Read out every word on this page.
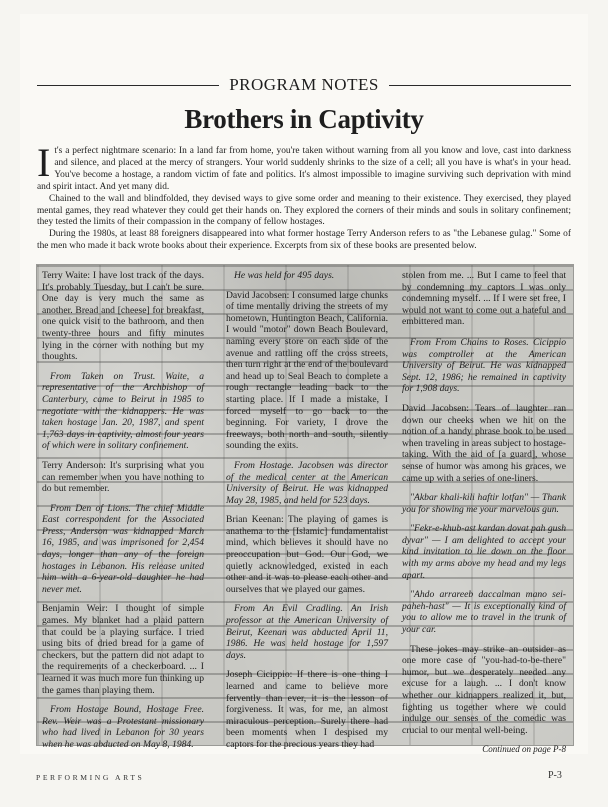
PROGRAM NOTES
Brothers in Captivity

It's a perfect nightmare scenario: In a land far from home, you're taken without warning from all you know and love, cast into darkness and silence, and placed at the mercy of strangers. Your world suddenly shrinks to the size of a cell; all you have is what's in your head. You've become a hostage, a random victim of fate and politics. It's almost impossible to imagine surviving such deprivation with mind and spirit intact. And yet many did.

Chained to the wall and blindfolded, they devised ways to give some order and meaning to their existence. They exercised, they played mental games, they read whatever they could get their hands on. They explored the corners of their minds and souls in solitary confinement; they tested the limits of their compassion in the company of fellow hostages.

During the 1980s, at least 88 foreigners disappeared into what former hostage Terry Anderson refers to as "the Lebanese gulag." Some of the men who made it back wrote books about their experience. Excerpts from six of these books are presented below.

Terry Waite: I have lost track of the days. It's probably Tuesday, but I can't be sure. One day is very much the same as another. Bread and [cheese] for breakfast, one quick visit to the bathroom, and then twenty-three hours and fifty minutes lying in the corner with nothing but my thoughts.

From Taken on Trust. Waite, a representative of the Archbishop of Canterbury, came to Beirut in 1985 to negotiate with the kidnappers. He was taken hostage Jan. 20, 1987, and spent 1,763 days in captivity, almost four years of which were in solitary confinement.

Terry Anderson: It's surprising what you can remember when you have nothing to do but remember.

From Den of Lions. The chief Middle East correspondent for the Associated Press, Anderson was kidnapped March 16, 1985, and was imprisoned for 2,454 days, longer than any of the foreign hostages in Lebanon. His release united him with a 6-year-old daughter he had never met.

Benjamin Weir: I thought of simple games. My blanket had a plaid pattern that could be a playing surface. I tried using bits of dried bread for a game of checkers, but the pattern did not adapt to the requirements of a checkerboard. ... I learned it was much more fun thinking up the games than playing them.

From Hostage Bound, Hostage Free. Rev. Weir was a Protestant missionary who had lived in Lebanon for 30 years when he was abducted on May 8, 1984.

He was held for 495 days.

David Jacobsen: I consumed large chunks of time mentally driving the streets of my hometown, Huntington Beach, California. I would "motor" down Beach Boulevard, naming every store on each side of the avenue and rattling off the cross streets, then turn right at the end of the boulevard and head up to Seal Beach to complete a rough rectangle leading back to the starting place. If I made a mistake, I forced myself to go back to the beginning. For variety, I drove the freeways, both north and south, silently sounding the exits.

From Hostage. Jacobsen was director of the medical center at the American University of Beirut. He was kidnapped May 28, 1985, and held for 523 days.

Brian Keenan: The playing of games is anathema to the [Islamic] fundamentalist mind, which believes it should have no preoccupation but God. Our God, we quietly acknowledged, existed in each other and it was to please each other and ourselves that we played our games.

From An Evil Cradling. An Irish professor at the American University of Beirut, Keenan was abducted April 11, 1986. He was held hostage for 1,597 days.

Joseph Cicippio: If there is one thing I learned and came to believe more fervently than ever, it is the lesson of forgiveness. It was, for me, an almost miraculous perception. Surely there had been moments when I despised my captors for the precious years they had

stolen from me. ... But I came to feel that by condemning my captors I was only condemning myself. ... If I were set free, I would not want to come out a hateful and embittered man.

From From Chains to Roses. Cicippio was comptroller at the American University of Beirut. He was kidnapped Sept. 12, 1986; he remained in captivity for 1,908 days.

David Jacobsen: Tears of laughter ran down our cheeks when we hit on the notion of a handy phrase book to be used when traveling in areas subject to hostage-taking. With the aid of [a guard], whose sense of humor was among his graces, we came up with a series of one-liners.

"Akbar khali-kili haftir lotfan" — Thank you for showing me your marvelous gun.

"Fekr-e-khub-ast kardan dovat pah gush dyvar" — I am delighted to accept your kind invitation to lie down on the floor with my arms above my head and my legs apart.

"Ahdo arrareeb daccalman mano sei-paheh-hast" — It is exceptionally kind of you to allow me to travel in the trunk of your car.

These jokes may strike an outsider as one more case of "you-had-to-be-there" humor, but we desperately needed any excuse for a laugh. ... I don't know whether our kidnappers realized it, but, fighting us together where we could indulge our senses of the comedic was crucial to our mental well-being.

Continued on page P-8

PERFORMING ARTS	P-3
